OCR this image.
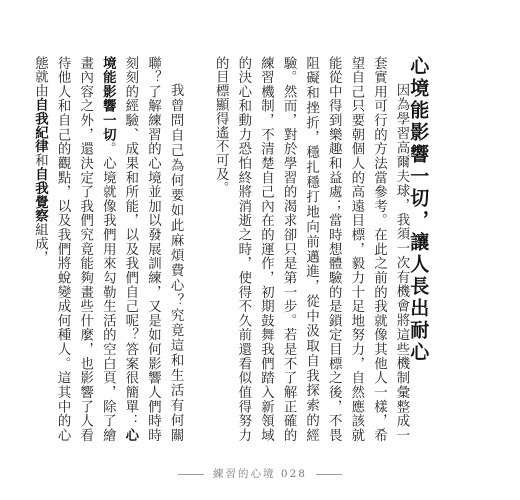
心境能影響一切，讓人長出耐心

因為學習高爾夫球，我須一次有機會將這些機制彙整成一套實用可行的方法當參考。在此之前的我就像其他人一樣，希望自己只要朝個人的高遠目標，毅力十足地努力，自然應該就能從中得到樂趣和益處；當時想體驗的是鎖定目標之後，不畏阻礙和挫折，穩扎穩打地向前邁進，從中汲取自我探索的經驗。然而，對於學習的渴求卻只是第一步。若是不了解正確的練習機制，不清楚自己內在的運作，初期鼓舞我們踏入新領域的決心和動力恐怕終將消逝之時，使得不久前還看似值得努力的目標顯得遙不可及。

我曾問自己為何要如此麻煩費心？究竟這和生活有何關聯？了解練習的心境並加以發展訓練，又是如何影響人們時時刻刻的經驗、成果和所能，以及我們自己呢？答案很簡單：心境能影響一切。心境就像我們用來勾勒生活的空白頁，除了繪畫內容之外，還決定了我們究竟能夠畫些什麼，也影響了人看待他人和自己的觀點，以及我們將蛻變成何種人。這其中的心態就由自我紀律和自我覺察組成，

練習的心境 028
